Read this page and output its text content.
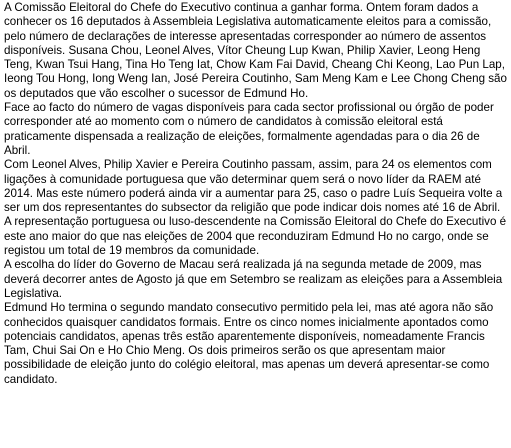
A Comissão Eleitoral do Chefe do Executivo continua a ganhar forma. Ontem foram dados a conhecer os 16 deputados à Assembleia Legislativa automaticamente eleitos para a comissão, pelo número de declarações de interesse apresentadas corresponder ao número de assentos disponíveis. Susana Chou, Leonel Alves, Vítor Cheung Lup Kwan, Philip Xavier, Leong Heng Teng, Kwan Tsui Hang, Tina Ho Teng Iat, Chow Kam Fai David, Cheang Chi Keong, Lao Pun Lap, Ieong Tou Hong, Iong Weng Ian, José Pereira Coutinho, Sam Meng Kam e Lee Chong Cheng são os deputados que vão escolher o sucessor de Edmund Ho.

Face ao facto do número de vagas disponíveis para cada sector profissional ou órgão de poder corresponder até ao momento com o número de candidatos à comissão eleitoral está praticamente dispensada a realização de eleições, formalmente agendadas para o dia 26 de Abril.

Com Leonel Alves, Philip Xavier e Pereira Coutinho passam, assim, para 24 os elementos com ligações à comunidade portuguesa que vão determinar quem será o novo líder da RAEM até 2014. Mas este número poderá ainda vir a aumentar para 25, caso o padre Luís Sequeira volte a ser um dos representantes do subsector da religião que pode indicar dois nomes até 16 de Abril.

A representação portuguesa ou luso-descendente na Comissão Eleitoral do Chefe do Executivo é este ano maior do que nas eleições de 2004 que reconduziram Edmund Ho no cargo, onde se registou um total de 19 membros da comunidade.

A escolha do líder do Governo de Macau será realizada já na segunda metade de 2009, mas deverá decorrer antes de Agosto já que em Setembro se realizam as eleições para a Assembleia Legislativa.

Edmund Ho termina o segundo mandato consecutivo permitido pela lei, mas até agora não são conhecidos quaisquer candidatos formais. Entre os cinco nomes inicialmente apontados como potenciais candidatos, apenas três estão aparentemente disponíveis, nomeadamente Francis Tam, Chui Sai On e Ho Chio Meng. Os dois primeiros serão os que apresentam maior possibilidade de eleição junto do colégio eleitoral, mas apenas um deverá apresentar-se como candidato.
